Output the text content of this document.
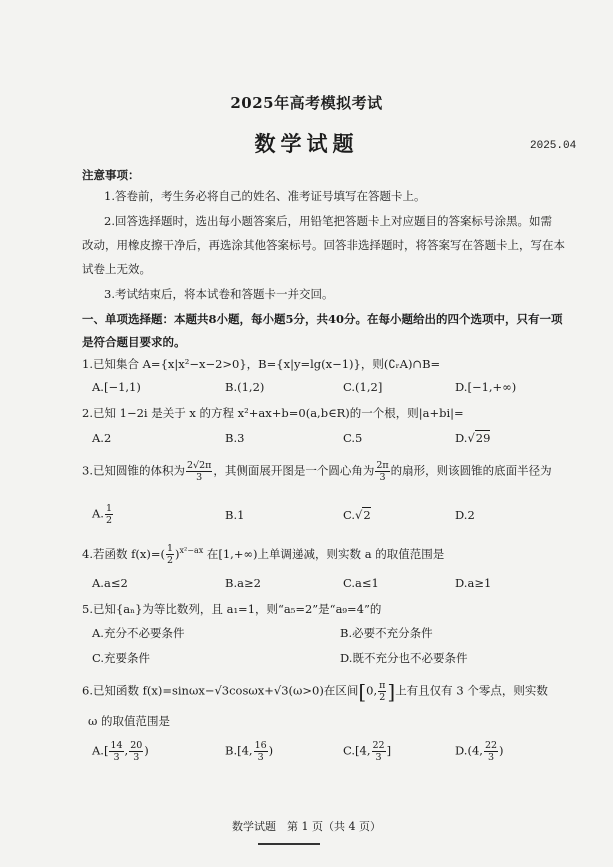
2025年高考模拟考试
数学试题	2025.04
注意事项：
1.答卷前，考生务必将自己的姓名、准考证号填写在答题卡上。
2.回答选择题时，选出每小题答案后，用铅笔把答题卡上对应题目的答案标号涂黑。如需
改动，用橡皮擦干净后，再选涂其他答案标号。回答非选择题时，将答案写在答题卡上，写在本
试卷上无效。
3.考试结束后，将本试卷和答题卡一并交回。
一、单项选择题：本题共8小题，每小题5分，共40分。在每小题给出的四个选项中，只有一项
是符合题目要求的。
1.已知集合 A={x|x²−x−2>0}，B={x|y=lg(x−1)}，则(∁ᵣA)∩B=
A.[−1,1)	B.(1,2)	C.(1,2]	D.[−1,+∞)
2.已知 1−2i 是关于 x 的方程 x²+ax+b=0(a,b∈R)的一个根，则|a+bi|=
A.2	B.3	C.5	D.√29
3.已知圆锥的体积为 $\frac{2√2\pi}{3}$ ，其侧面展开图是一个圆心角为 $\frac{2\pi}{3}$ 的扇形，则该圆锥的底面半径为
A. $\frac{1}{2}$	B.1	C.√2	D.2
4.若函数 $f(x)=( \frac{1}{2} )^{x^2-ax}$ 在[1,+∞)上单调递减，则实数 a 的取值范围是
A.a≤2	B.a≥2	C.a≤1	D.a≥1
5.已知{aₙ}为等比数列，且 a₁=1，则“a₅=2”是“a₉=4”的
A.充分不必要条件	B.必要不充分条件
C.充要条件	D.既不充分也不必要条件
6.已知函数 f(x)=sinωx−√3cosωx+√3(ω>0)在区间[0, $\frac{\pi}{2}$ ]上有且仅有 3 个零点，则实数
ω 的取值范围是
$A.[ \frac{14}{3}$ , $\frac{20}{3}$ )	B.[4, $\frac{16}{3}$ )	C.[4, $\frac{22}{3}$ ]	D.(4, $\frac{22}{3}$ )
数学试题　第 1 页（共 4 页）
